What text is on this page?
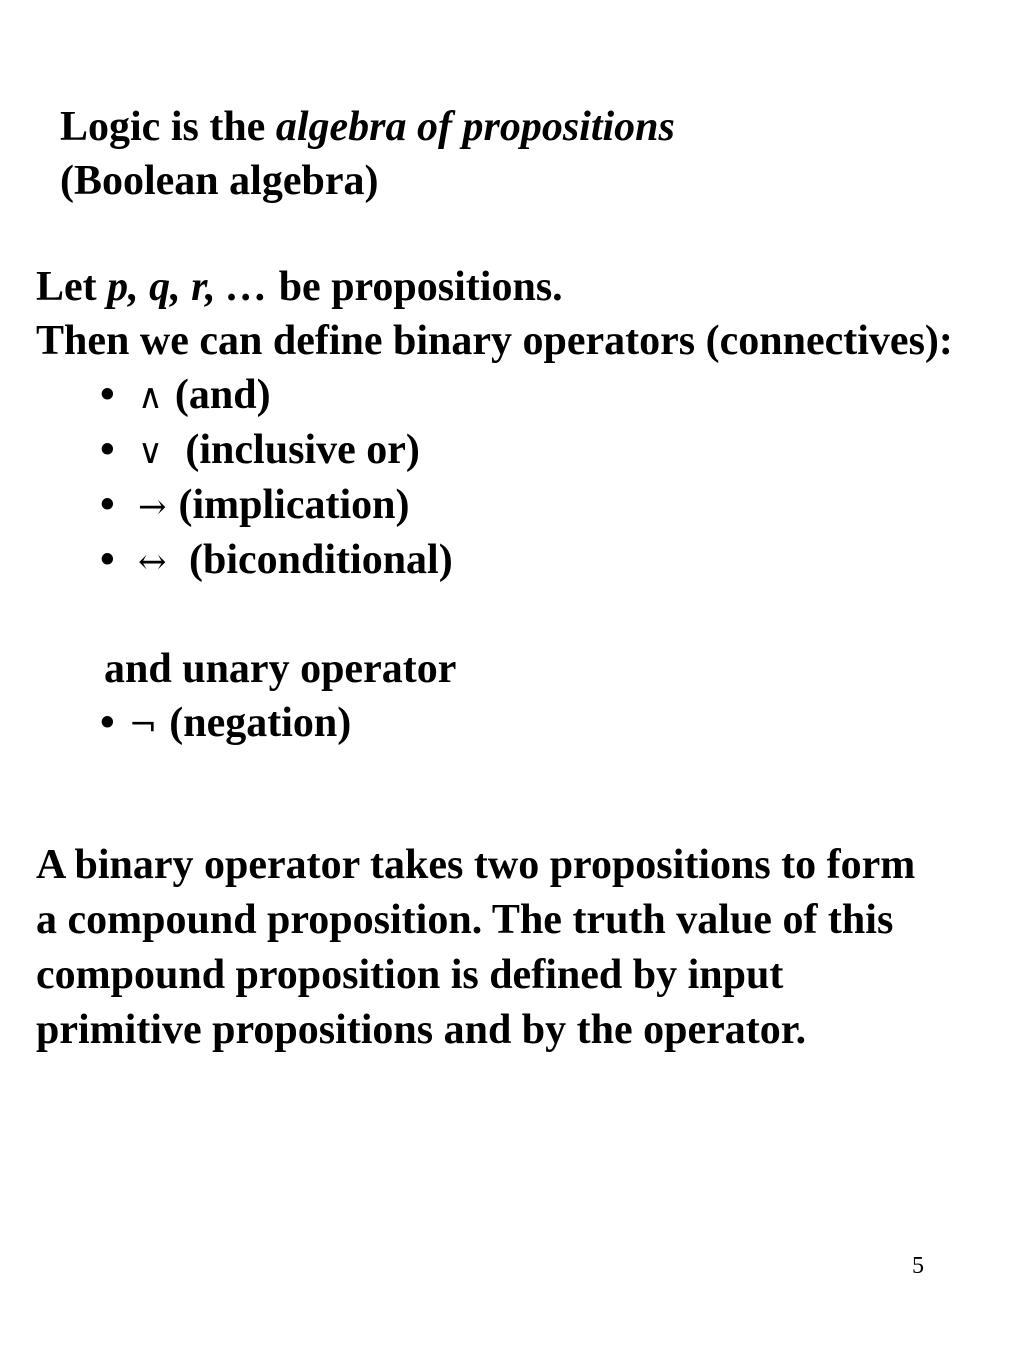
Logic is the algebra of propositions
(Boolean algebra)
Let p, q, r, … be propositions.
Then we can define binary operators (connectives):
• ∧ (and)
• ∨ (inclusive or)
• → (implication)
• ↔ (biconditional)
and unary operator
• ¬ (negation)
A binary operator takes two propositions to form
a compound proposition. The truth value of this
compound proposition is defined by input
primitive propositions and by the operator.
5
